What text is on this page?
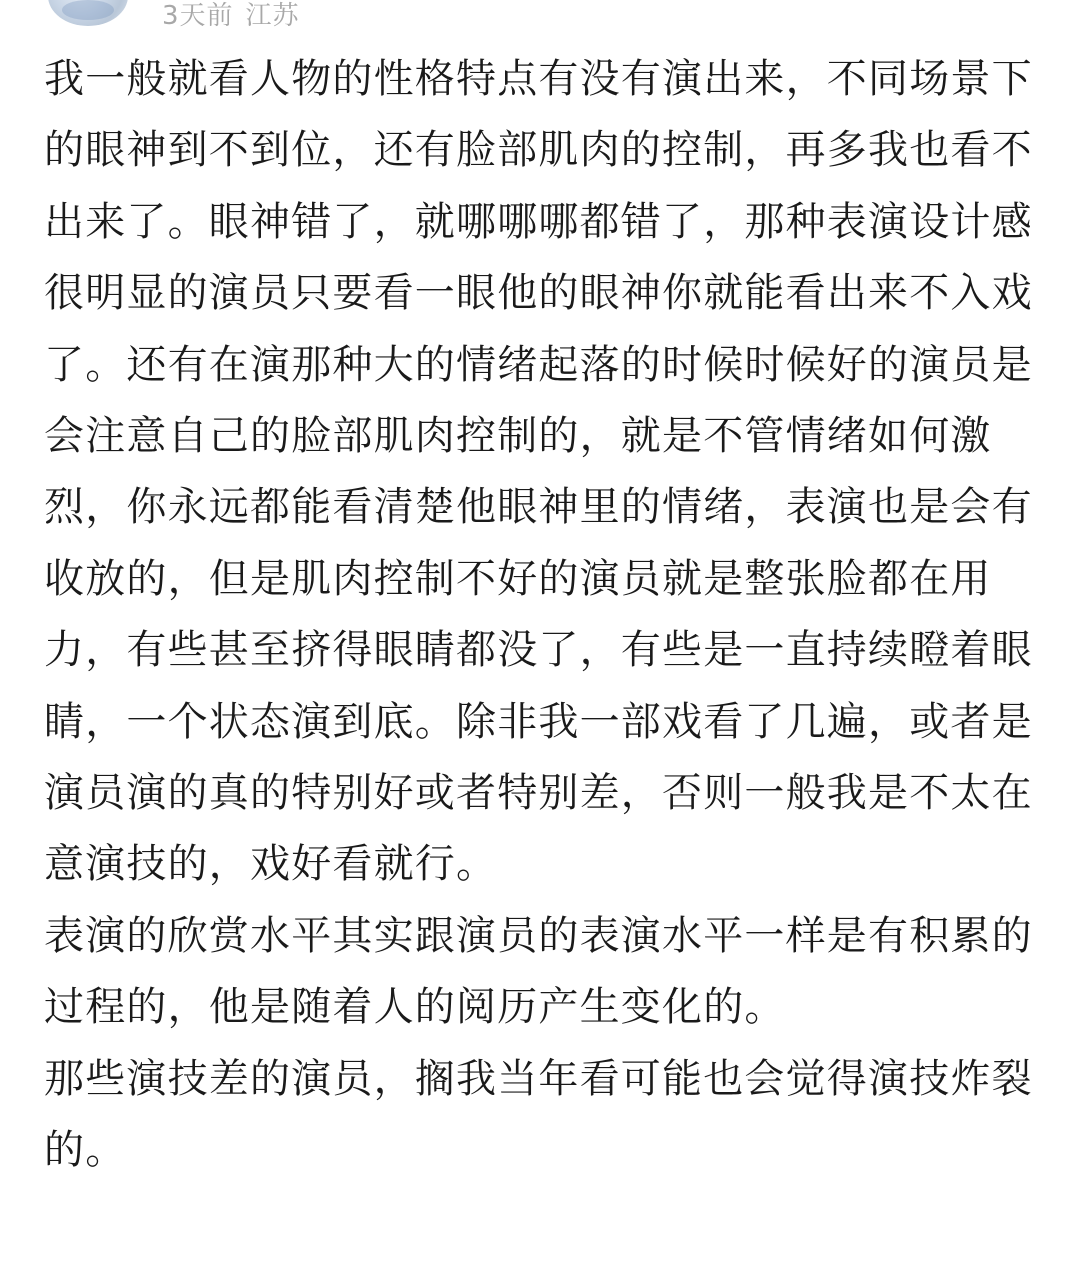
3天前 江苏

我一般就看人物的性格特点有没有演出来，不同场景下的眼神到不到位，还有脸部肌肉的控制，再多我也看不出来了。眼神错了，就哪哪哪都错了，那种表演设计感很明显的演员只要看一眼他的眼神你就能看出来不入戏了。还有在演那种大的情绪起落的时候时候好的演员是会注意自己的脸部肌肉控制的，就是不管情绪如何激烈，你永远都能看清楚他眼神里的情绪，表演也是会有收放的，但是肌肉控制不好的演员就是整张脸都在用力，有些甚至挤得眼睛都没了，有些是一直持续瞪着眼睛，一个状态演到底。除非我一部戏看了几遍，或者是演员演的真的特别好或者特别差，否则一般我是不太在意演技的，戏好看就行。

表演的欣赏水平其实跟演员的表演水平一样是有积累的过程的，他是随着人的阅历产生变化的。

那些演技差的演员，搁我当年看可能也会觉得演技炸裂的。
